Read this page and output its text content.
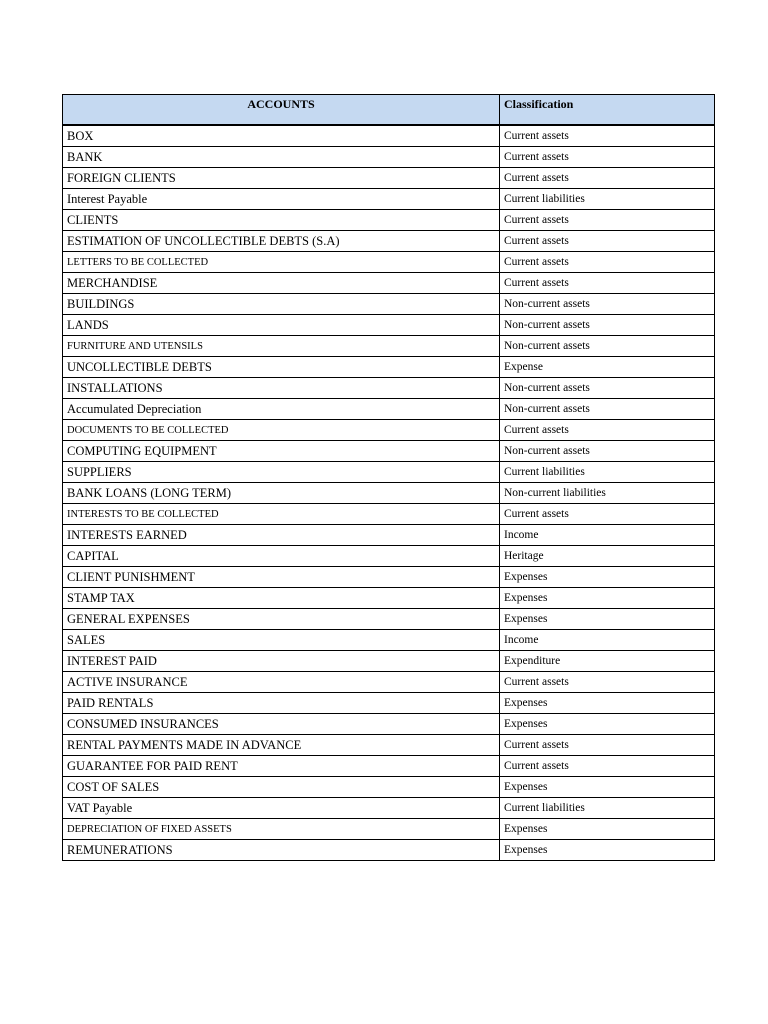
ACCOUNTS	Classification
BOX	Current assets
BANK	Current assets
FOREIGN CLIENTS	Current assets
Interest Payable	Current liabilities
CLIENTS	Current assets
ESTIMATION OF UNCOLLECTIBLE DEBTS (S.A)	Current assets
LETTERS TO BE COLLECTED	Current assets
MERCHANDISE	Current assets
BUILDINGS	Non-current assets
LANDS	Non-current assets
FURNITURE AND UTENSILS	Non-current assets
UNCOLLECTIBLE DEBTS	Expense
INSTALLATIONS	Non-current assets
Accumulated Depreciation	Non-current assets
DOCUMENTS TO BE COLLECTED	Current assets
COMPUTING EQUIPMENT	Non-current assets
SUPPLIERS	Current liabilities
BANK LOANS (LONG TERM)	Non-current liabilities
INTERESTS TO BE COLLECTED	Current assets
INTERESTS EARNED	Income
CAPITAL	Heritage
CLIENT PUNISHMENT	Expenses
STAMP TAX	Expenses
GENERAL EXPENSES	Expenses
SALES	Income
INTEREST PAID	Expenditure
ACTIVE INSURANCE	Current assets
PAID RENTALS	Expenses
CONSUMED INSURANCES	Expenses
RENTAL PAYMENTS MADE IN ADVANCE	Current assets
GUARANTEE FOR PAID RENT	Current assets
COST OF SALES	Expenses
VAT Payable	Current liabilities
DEPRECIATION OF FIXED ASSETS	Expenses
REMUNERATIONS	Expenses
